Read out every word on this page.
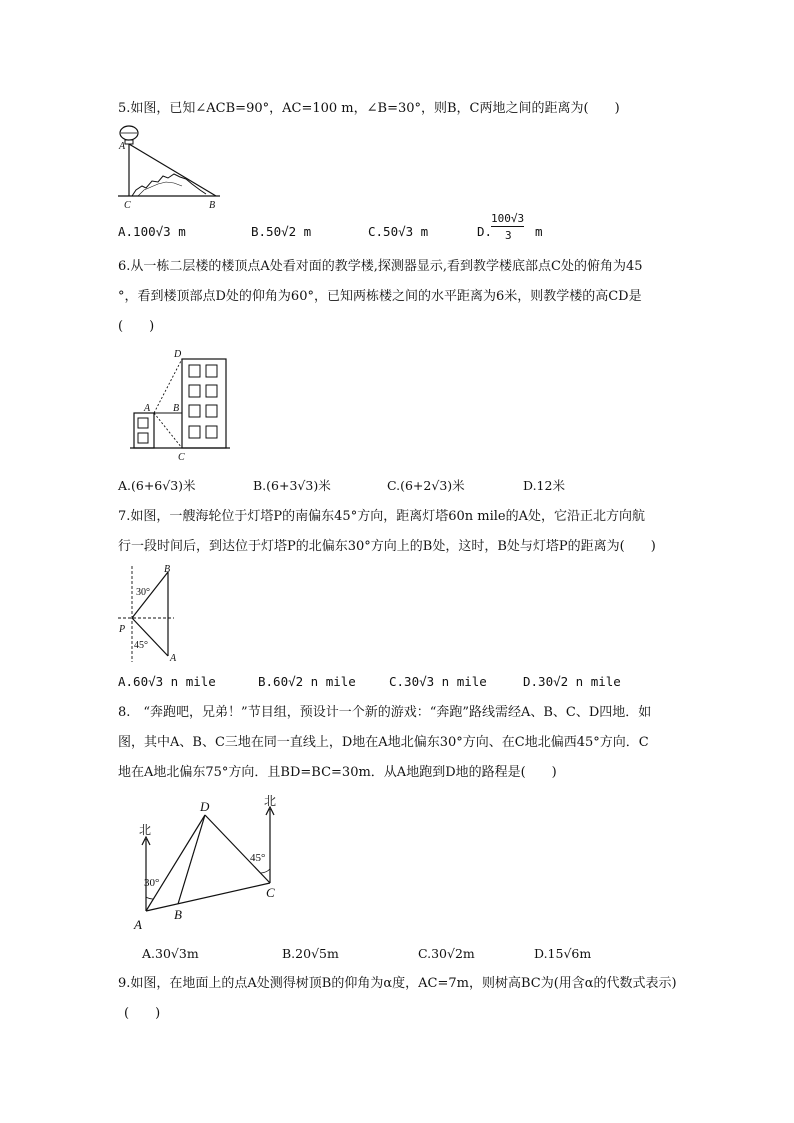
5.如图，已知∠ACB=90°，AC=100 m，∠B=30°，则B，C两地之间的距离为(　　)
A
C	B
A.100√3 m	B.50√2 m	C.50√3 m	D.
100√3
3 m
6.从一栋二层楼的楼顶点A处看对面的教学楼,探测器显示,看到教学楼底部点C处的俯角为45
°，看到楼顶部点D处的仰角为60°，已知两栋楼之间的水平距离为6米，则教学楼的高CD是
(　　)
D
A B
C
A.(6+6√3)米	B.(6+3√3)米	C.(6+2√3)米	D.12米
7.如图，一艘海轮位于灯塔P的南偏东45°方向，距离灯塔60n mile的A处，它沿正北方向航
行一段时间后，到达位于灯塔P的北偏东30°方向上的B处，这时，B处与灯塔P的距离为(　　)
B
30°
P
45°
A
A.60√3 n mile	B.60√2 n mile	C.30√3 n mile	D.30√2 n mile
8.　“奔跑吧，兄弟！”节目组，预设计一个新的游戏：“奔跑”路线需经A、B、C、D四地．如
图，其中A、B、C三地在同一直线上，D地在A地北偏东30°方向、在C地北偏西45°方向．C
地在A地北偏东75°方向．且BD=BC=30m．从A地跑到D地的路程是(　　)
北
北
D
30°
45°
C
A
B
A.30√3m	B.20√5m	C.30√2m	D.15√6m
9.如图，在地面上的点A处测得树顶B的仰角为α度，AC=7m，则树高BC为(用含α的代数式表示)
(　　)
